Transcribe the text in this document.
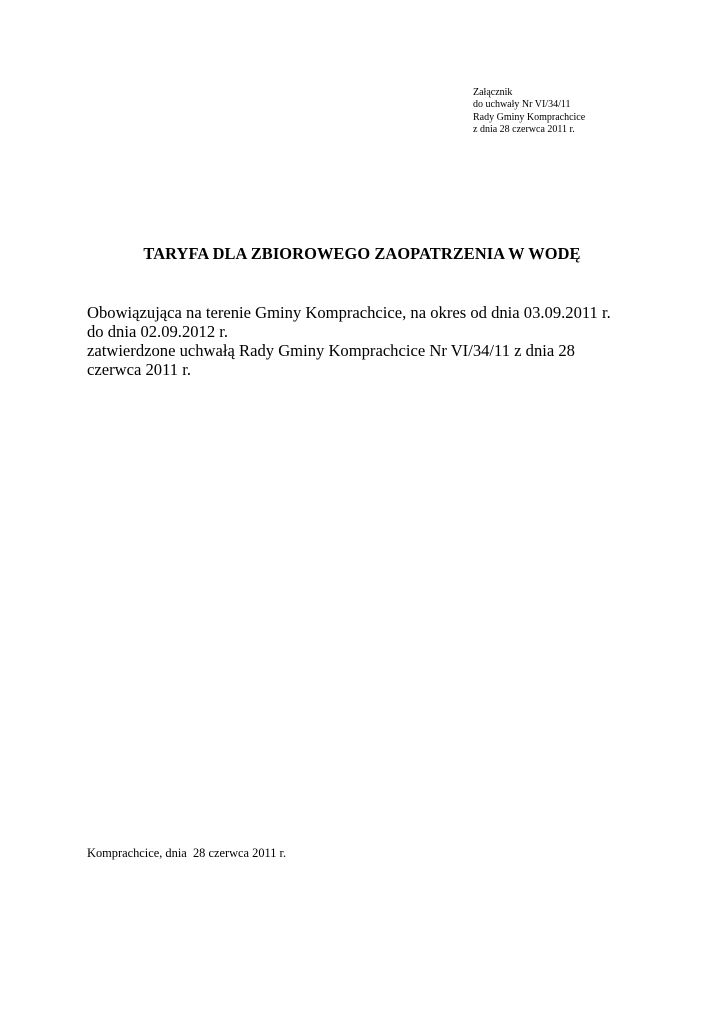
Załącznik
do uchwały Nr VI/34/11
Rady Gminy Komprachcice
z dnia 28 czerwca 2011 r.
TARYFA DLA ZBIOROWEGO ZAOPATRZENIA W WODĘ
Obowiązująca na terenie Gminy Komprachcice, na okres od dnia 03.09.2011 r.
do dnia 02.09.2012 r.
zatwierdzone uchwałą Rady Gminy Komprachcice Nr VI/34/11 z dnia 28
czerwca 2011 r.
Komprachcice, dnia  28 czerwca 2011 r.
